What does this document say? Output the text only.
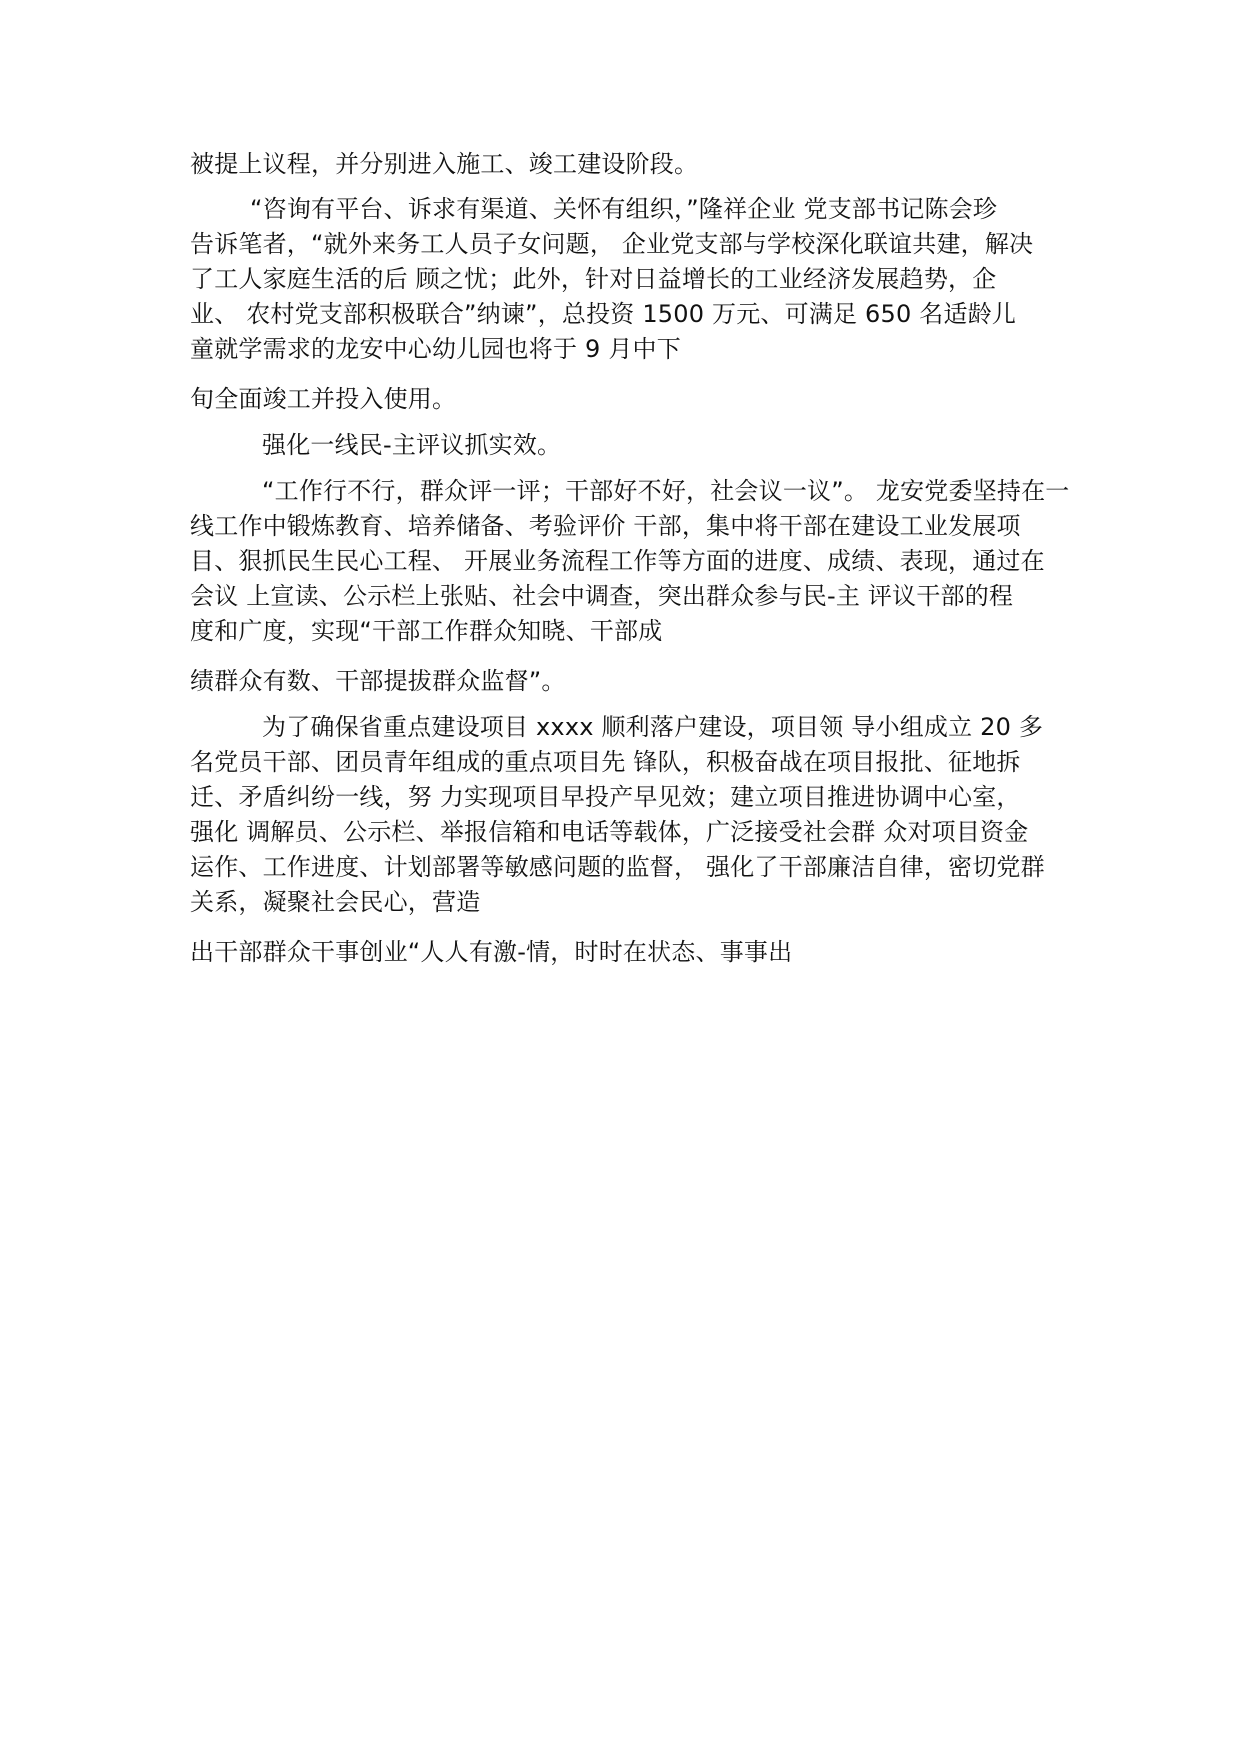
被提上议程，并分别进入施工、竣工建设阶段。
“咨询有平台、诉求有渠道、关怀有组织，”隆祥企业 党支部书记陈会珍
告诉笔者，“就外来务工人员子女问题， 企业党支部与学校深化联谊共建，解决
了工人家庭生活的后 顾之忧；此外，针对日益增长的工业经济发展趋势，企
业、 农村党支部积极联合”纳谏”，总投资 1500 万元、可满足 650 名适龄儿
童就学需求的龙安中心幼儿园也将于 9 月中下
旬全面竣工并投入使用。
强化一线民-主评议抓实效。
“工作行不行，群众评一评；干部好不好，社会议一议”。 龙安党委坚持在一
线工作中锻炼教育、培养储备、考验评价 干部，集中将干部在建设工业发展项
目、狠抓民生民心工程、 开展业务流程工作等方面的进度、成绩、表现，通过在
会议 上宣读、公示栏上张贴、社会中调查，突出群众参与民-主 评议干部的程
度和广度，实现“干部工作群众知晓、干部成
绩群众有数、干部提拔群众监督”。
为了确保省重点建设项目 xxxx 顺利落户建设，项目领 导小组成立 20 多
名党员干部、团员青年组成的重点项目先 锋队，积极奋战在项目报批、征地拆
迁、矛盾纠纷一线，努 力实现项目早投产早见效；建立项目推进协调中心室，
强化 调解员、公示栏、举报信箱和电话等载体，广泛接受社会群 众对项目资金
运作、工作进度、计划部署等敏感问题的监督， 强化了干部廉洁自律，密切党群
关系，凝聚社会民心，营造
出干部群众干事创业“人人有激-情，时时在状态、事事出
